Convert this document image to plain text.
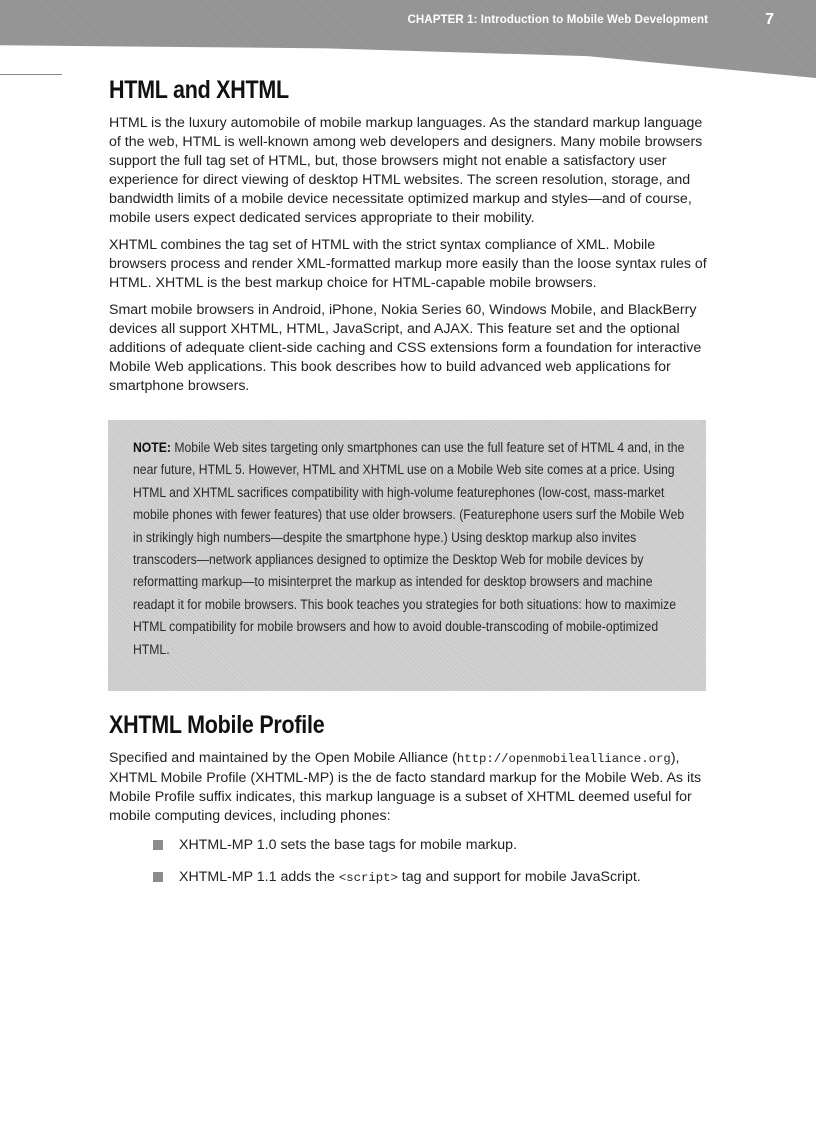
CHAPTER 1: Introduction to Mobile Web Development	7
HTML and XHTML

HTML is the luxury automobile of mobile markup languages. As the standard markup language of the web, HTML is well-known among web developers and designers. Many mobile browsers support the full tag set of HTML, but, those browsers might not enable a satisfactory user experience for direct viewing of desktop HTML websites. The screen resolution, storage, and bandwidth limits of a mobile device necessitate optimized markup and styles—and of course, mobile users expect dedicated services appropriate to their mobility.

XHTML combines the tag set of HTML with the strict syntax compliance of XML. Mobile browsers process and render XML-formatted markup more easily than the loose syntax rules of HTML. XHTML is the best markup choice for HTML-capable mobile browsers.

Smart mobile browsers in Android, iPhone, Nokia Series 60, Windows Mobile, and BlackBerry devices all support XHTML, HTML, JavaScript, and AJAX. This feature set and the optional additions of adequate client-side caching and CSS extensions form a foundation for interactive Mobile Web applications. This book describes how to build advanced web applications for smartphone browsers.

NOTE: Mobile Web sites targeting only smartphones can use the full feature set of HTML 4 and, in the near future, HTML 5. However, HTML and XHTML use on a Mobile Web site comes at a price. Using HTML and XHTML sacrifices compatibility with high-volume featurephones (low-cost, mass-market mobile phones with fewer features) that use older browsers. (Featurephone users surf the Mobile Web in strikingly high numbers—despite the smartphone hype.) Using desktop markup also invites transcoders—network appliances designed to optimize the Desktop Web for mobile devices by reformatting markup—to misinterpret the markup as intended for desktop browsers and machine readapt it for mobile browsers. This book teaches you strategies for both situations: how to maximize HTML compatibility for mobile browsers and how to avoid double-transcoding of mobile-optimized HTML.

XHTML Mobile Profile

Specified and maintained by the Open Mobile Alliance (http://openmobilealliance.org), XHTML Mobile Profile (XHTML-MP) is the de facto standard markup for the Mobile Web. As its Mobile Profile suffix indicates, this markup language is a subset of XHTML deemed useful for mobile computing devices, including phones:

XHTML-MP 1.0 sets the base tags for mobile markup.
XHTML-MP 1.1 adds the <script> tag and support for mobile JavaScript.
